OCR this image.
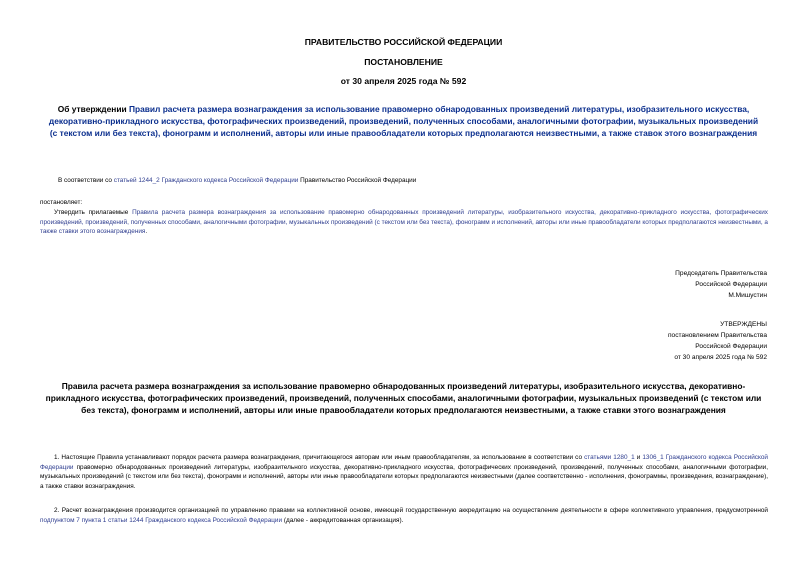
ПРАВИТЕЛЬСТВО РОССИЙСКОЙ ФЕДЕРАЦИИ
ПОСТАНОВЛЕНИЕ
от 30 апреля 2025 года № 592
Об утверждении Правил расчета размера вознаграждения за использование правомерно обнародованных произведений литературы, изобразительного искусства, декоративно-прикладного искусства, фотографических произведений, произведений, полученных способами, аналогичными фотографии, музыкальных произведений (с текстом или без текста), фонограмм и исполнений, авторы или иные правообладатели которых предполагаются неизвестными, а также ставок этого вознаграждения
В соответствии со статьей 1244_2 Гражданского кодекса Российской Федерации Правительство Российской Федерации
постановляет:
Утвердить прилагаемые Правила расчета размера вознаграждения за использование правомерно обнародованных произведений литературы, изобразительного искусства, декоративно-прикладного искусства, фотографических произведений, произведений, полученных способами, аналогичными фотографии, музыкальных произведений (с текстом или без текста), фонограмм и исполнений, авторы или иные правообладатели которых предполагаются неизвестными, а также ставки этого вознаграждения.
Председатель Правительства
Российской Федерации
М.Мишустин
УТВЕРЖДЕНЫ
постановлением Правительства
Российской Федерации
от 30 апреля 2025 года № 592
Правила расчета размера вознаграждения за использование правомерно обнародованных произведений литературы, изобразительного искусства, декоративно-прикладного искусства, фотографических произведений, произведений, полученных способами, аналогичными фотографии, музыкальных произведений (с текстом или без текста), фонограмм и исполнений, авторы или иные правообладатели которых предполагаются неизвестными, а также ставки этого вознаграждения
1. Настоящие Правила устанавливают порядок расчета размера вознаграждения, причитающегося авторам или иным правообладателям, за использование в соответствии со статьями 1280_1 и 1306_1 Гражданского кодекса Российской Федерации правомерно обнародованных произведений литературы, изобразительного искусства, декоративно-прикладного искусства, фотографических произведений, произведений, полученных способами, аналогичными фотографии, музыкальных произведений (с текстом или без текста), фонограмм и исполнений, авторы или иные правообладатели которых предполагаются неизвестными (далее соответственно - исполнения, фонограммы, произведения, вознаграждение), а также ставки вознаграждения.
2. Расчет вознаграждения производится организацией по управлению правами на коллективной основе, имеющей государственную аккредитацию на осуществление деятельности в сфере коллективного управления, предусмотренной подпунктом 7 пункта 1 статьи 1244 Гражданского кодекса Российской Федерации (далее - аккредитованная организация).
